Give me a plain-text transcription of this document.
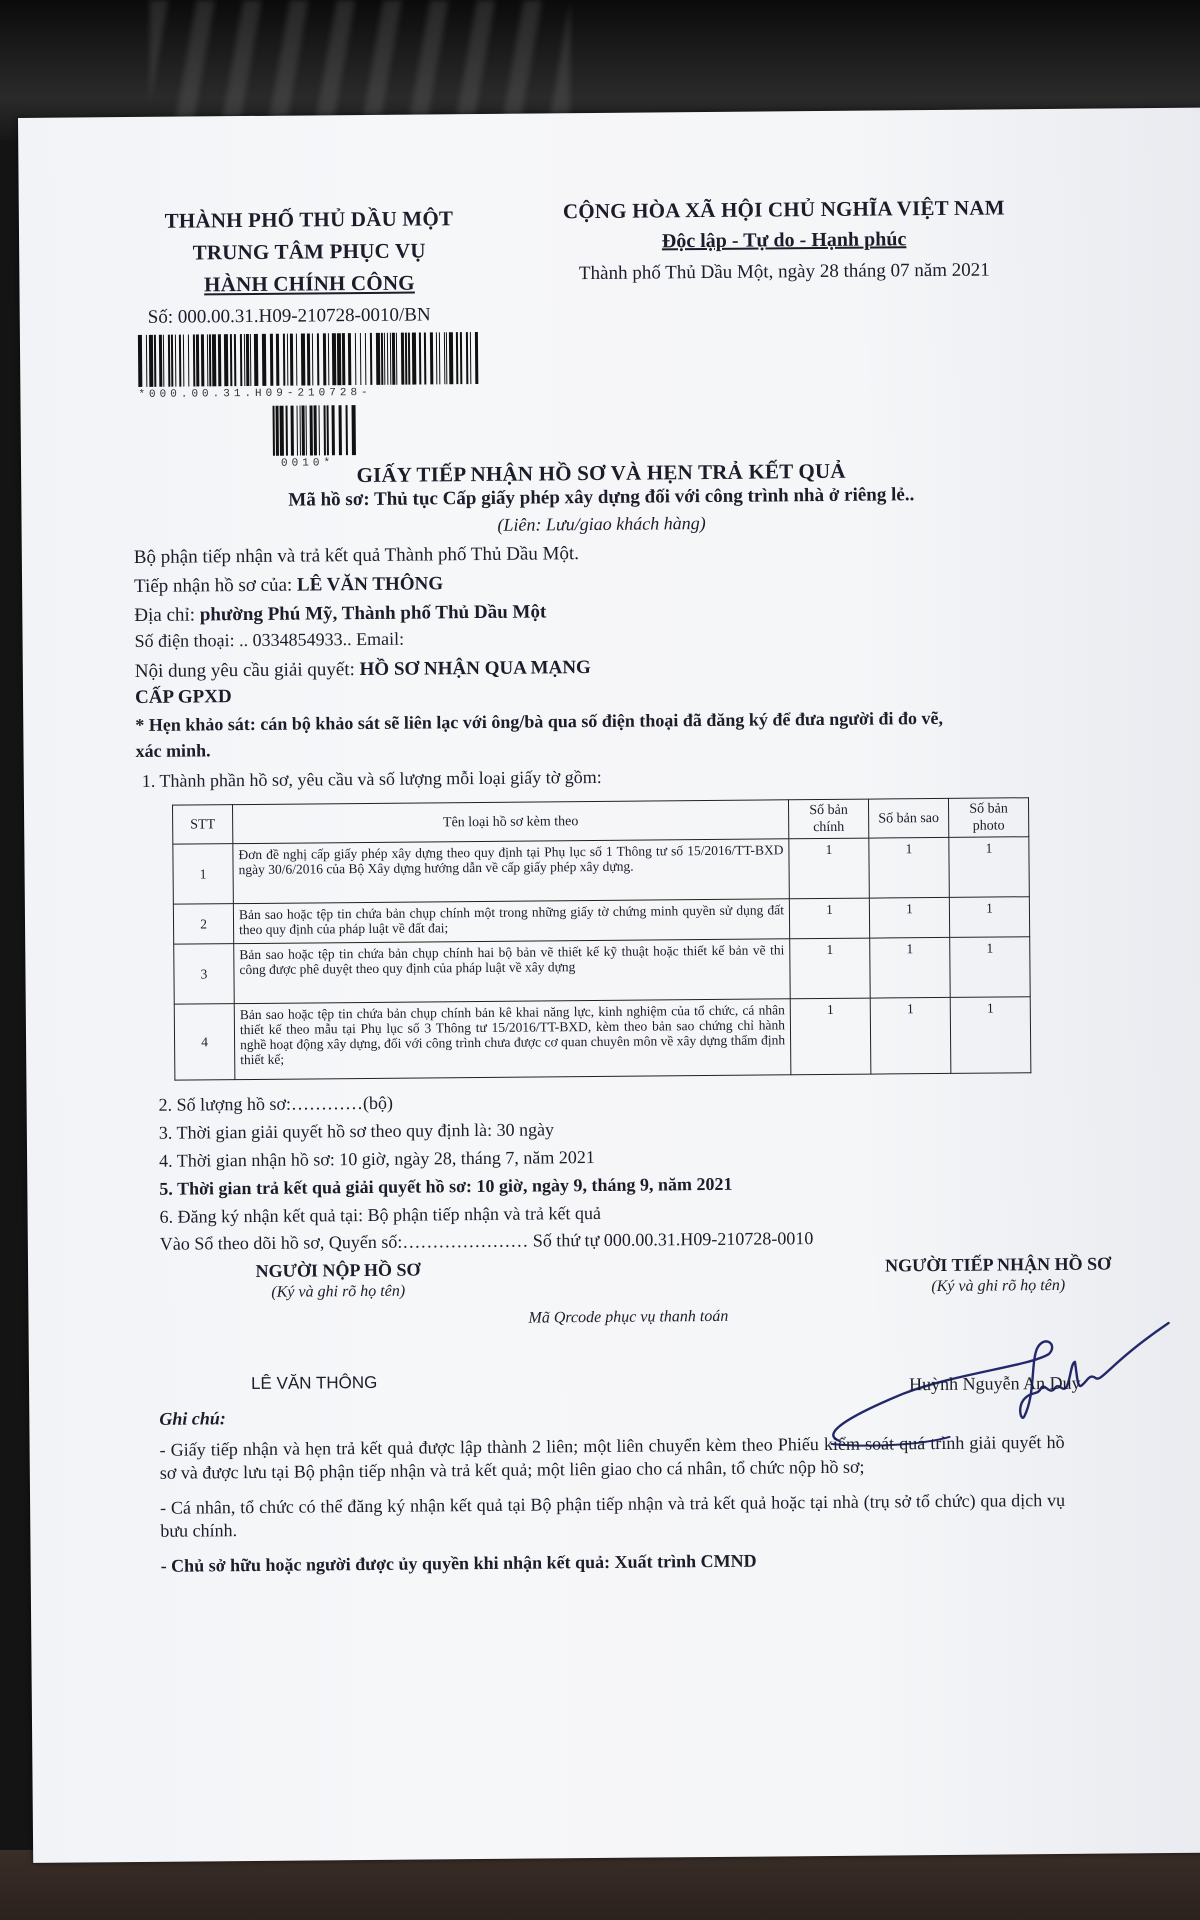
THÀNH PHỐ THỦ DẦU MỘT
TRUNG TÂM PHỤC VỤ
HÀNH CHÍNH CÔNG
Số: 000.00.31.H09-210728-0010/BN
*000.00.31.H09-210728-
0010*
CỘNG HÒA XÃ HỘI CHỦ NGHĨA VIỆT NAM
Độc lập - Tự do - Hạnh phúc
Thành phố Thủ Dầu Một, ngày 28 tháng 07 năm 2021
GIẤY TIẾP NHẬN HỒ SƠ VÀ HẸN TRẢ KẾT QUẢ
Mã hồ sơ: Thủ tục Cấp giấy phép xây dựng đối với công trình nhà ở riêng lẻ..
(Liên: Lưu/giao khách hàng)
Bộ phận tiếp nhận và trả kết quả Thành phố Thủ Dầu Một.
Tiếp nhận hồ sơ của: LÊ VĂN THÔNG
Địa chỉ: phường Phú Mỹ, Thành phố Thủ Dầu Một
Số điện thoại: .. 0334854933.. Email:
Nội dung yêu cầu giải quyết: HỒ SƠ NHẬN QUA MẠNG
CẤP GPXD
* Hẹn khảo sát: cán bộ khảo sát sẽ liên lạc với ông/bà qua số điện thoại đã đăng ký để đưa người đi đo vẽ,
xác minh.
1. Thành phần hồ sơ, yêu cầu và số lượng mỗi loại giấy tờ gồm:
STT	Tên loại hồ sơ kèm theo	Số bản chính	Số bản sao	Số bản photo
1	Đơn đề nghị cấp giấy phép xây dựng theo quy định tại Phụ lục số 1 Thông tư số 15/2016/TT-BXD ngày 30/6/2016 của Bộ Xây dựng hướng dẫn về cấp giấy phép xây dựng.	1	1	1
2	Bản sao hoặc tệp tin chứa bản chụp chính một trong những giấy tờ chứng minh quyền sử dụng đất theo quy định của pháp luật về đất đai;	1	1	1
3	Bản sao hoặc tệp tin chứa bản chụp chính hai bộ bản vẽ thiết kế kỹ thuật hoặc thiết kế bản vẽ thi công được phê duyệt theo quy định của pháp luật về xây dựng	1	1	1
4	Bản sao hoặc tệp tin chứa bản chụp chính bản kê khai năng lực, kinh nghiệm của tổ chức, cá nhân thiết kế theo mẫu tại Phụ lục số 3 Thông tư 15/2016/TT-BXD, kèm theo bản sao chứng chỉ hành nghề hoạt động xây dựng, đối với công trình chưa được cơ quan chuyên môn về xây dựng thẩm định thiết kế;	1	1	1
2. Số lượng hồ sơ:…………(bộ)
3. Thời gian giải quyết hồ sơ theo quy định là: 30 ngày
4. Thời gian nhận hồ sơ: 10 giờ, ngày 28, tháng 7, năm 2021
5. Thời gian trả kết quả giải quyết hồ sơ: 10 giờ, ngày 9, tháng 9, năm 2021
6. Đăng ký nhận kết quả tại: Bộ phận tiếp nhận và trả kết quả
Vào Sổ theo dõi hồ sơ, Quyển số:………………… Số thứ tự 000.00.31.H09-210728-0010
NGƯỜI NỘP HỒ SƠ
(Ký và ghi rõ họ tên)
NGƯỜI TIẾP NHẬN HỒ SƠ
(Ký và ghi rõ họ tên)
Mã Qrcode phục vụ thanh toán
LÊ VĂN THÔNG	Huỳnh Nguyễn An Duy
Ghi chú:

- Giấy tiếp nhận và hẹn trả kết quả được lập thành 2 liên; một liên chuyển kèm theo Phiếu kiểm soát quá trình giải quyết hồ sơ và được lưu tại Bộ phận tiếp nhận và trả kết quả; một liên giao cho cá nhân, tổ chức nộp hồ sơ;

- Cá nhân, tổ chức có thể đăng ký nhận kết quả tại Bộ phận tiếp nhận và trả kết quả hoặc tại nhà (trụ sở tổ chức) qua dịch vụ bưu chính.

- Chủ sở hữu hoặc người được ủy quyền khi nhận kết quả: Xuất trình CMND
